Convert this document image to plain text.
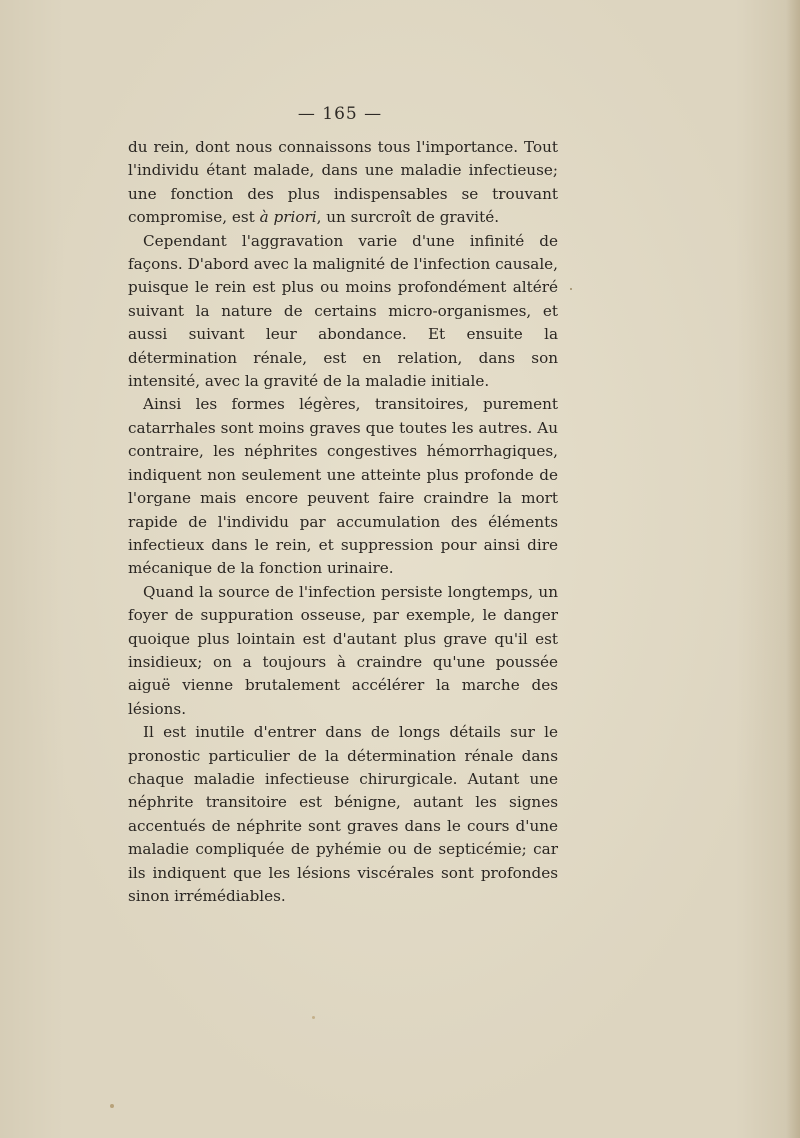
— 165 —

du rein, dont nous connaissons tous l'importance. Tout l'individu étant malade, dans une maladie infectieuse; une fonction des plus indispensables se trouvant compromise, est à priori, un surcroît de gravité.

Cependant l'aggravation varie d'une infinité de façons. D'abord avec la malignité de l'infection causale, puisque le rein est plus ou moins profondément altéré suivant la nature de certains micro-organismes, et aussi suivant leur abondance. Et ensuite la détermination rénale, est en relation, dans son intensité, avec la gravité de la maladie initiale.

Ainsi les formes légères, transitoires, purement catarrhales sont moins graves que toutes les autres. Au contraire, les néphrites congestives hémorrhagiques, indiquent non seulement une atteinte plus profonde de l'organe mais encore peuvent faire craindre la mort rapide de l'individu par accumulation des éléments infectieux dans le rein, et suppression pour ainsi dire mécanique de la fonction urinaire.

Quand la source de l'infection persiste longtemps, un foyer de suppuration osseuse, par exemple, le danger quoique plus lointain est d'autant plus grave qu'il est insidieux; on a toujours à craindre qu'une poussée aiguë vienne brutalement accélérer la marche des lésions.

Il est inutile d'entrer dans de longs détails sur le pronostic particulier de la détermination rénale dans chaque maladie infectieuse chirurgicale. Autant une néphrite transitoire est bénigne, autant les signes accentués de néphrite sont graves dans le cours d'une maladie compliquée de pyhémie ou de septicémie; car ils indiquent que les lésions viscérales sont profondes sinon irrémédiables.
